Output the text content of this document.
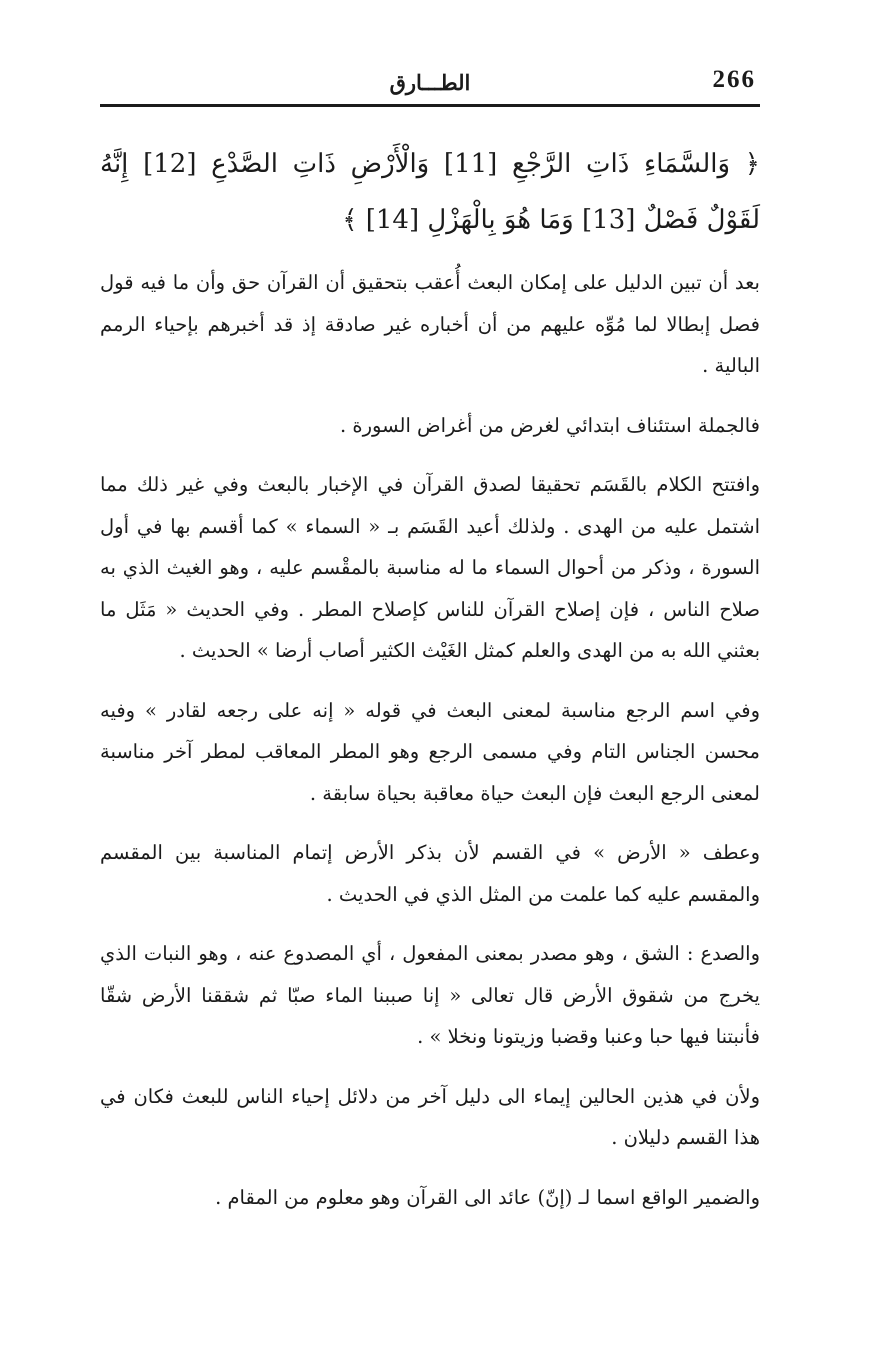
266
الطـــارق
﴿ وَالسَّمَاءِ ذَاتِ الرَّجْعِ [11] وَالْأَرْضِ ذَاتِ الصَّدْعِ [12] إِنَّهُ لَقَوْلٌ فَصْلٌ [13] وَمَا هُوَ بِالْهَزْلِ [14] ﴾

بعد أن تبين الدليل على إمكان البعث أُعقب بتحقيق أن القرآن حق وأن ما فيه قول فصل إبطالا لما مُوِّه عليهم من أن أخباره غير صادقة إذ قد أخبرهم بإحياء الرمم البالية .

فالجملة استئناف ابتدائي لغرض من أغراض السورة .

وافتتح الكلام بالقَسَم تحقيقا لصدق القرآن في الإخبار بالبعث وفي غير ذلك مما اشتمل عليه من الهدى . ولذلك أعيد القَسَم بـ « السماء » كما أقسم بها في أول السورة ، وذكر من أحوال السماء ما له مناسبة بالمقْسم عليه ، وهو الغيث الذي به صلاح الناس ، فإن إصلاح القرآن للناس كإصلاح المطر . وفي الحديث « مَثَل ما بعثني الله به من الهدى والعلم كمثل الغَيْث الكثير أصاب أرضا » الحديث .

وفي اسم الرجع مناسبة لمعنى البعث في قوله « إنه على رجعه لقادر » وفيه محسن الجناس التام وفي مسمى الرجع وهو المطر المعاقب لمطر آخر مناسبة لمعنى الرجع البعث فإن البعث حياة معاقبة بحياة سابقة .

وعطف « الأرض » في القسم لأن بذكر الأرض إتمام المناسبة بين المقسم والمقسم عليه كما علمت من المثل الذي في الحديث .

والصدع : الشق ، وهو مصدر بمعنى المفعول ، أي المصدوع عنه ، وهو النبات الذي يخرج من شقوق الأرض قال تعالى « إنا صببنا الماء صبّا ثم شققنا الأرض شقّا فأنبتنا فيها حبا وعنبا وقضبا وزيتونا ونخلا » .

ولأن في هذين الحالين إيماء الى دليل آخر من دلائل إحياء الناس للبعث فكان في هذا القسم دليلان .

والضمير الواقع اسما لـ (إنّ) عائد الى القرآن وهو معلوم من المقام .
